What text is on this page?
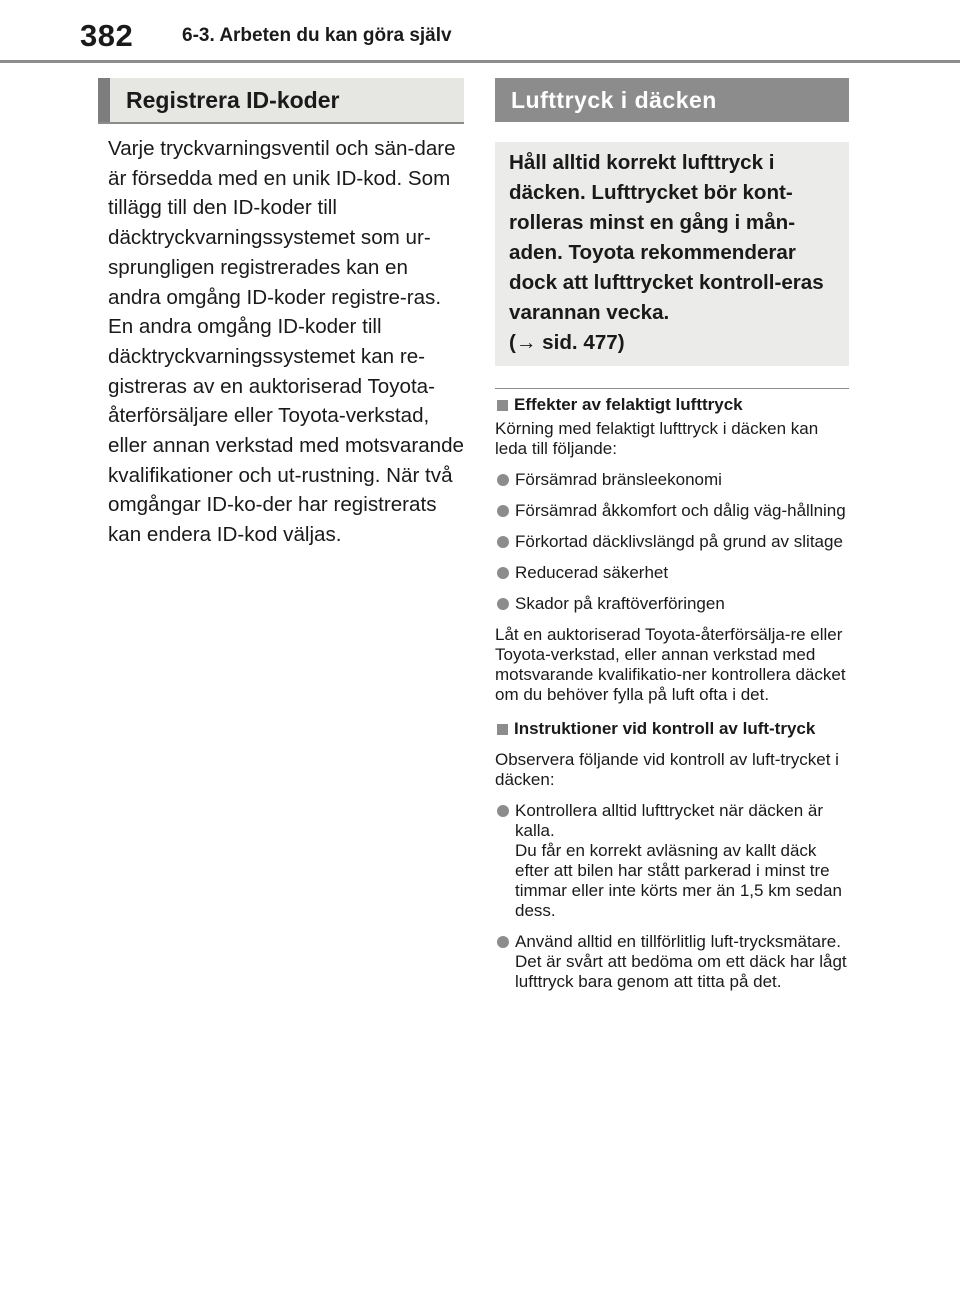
382	6-3. Arbeten du kan göra själv
Registrera ID-koder
Varje tryckvarningsventil och sän-dare är försedda med en unik ID-kod. Som tillägg till den ID-koder till däcktryckvarningssystemet som ur-sprungligen registrerades kan en andra omgång ID-koder registre-ras. En andra omgång ID-koder till däcktryckvarningssystemet kan re-gistreras av en auktoriserad Toyota-återförsäljare eller Toyota-verkstad, eller annan verkstad med motsvarande kvalifikationer och ut-rustning. När två omgångar ID-ko-der har registrerats kan endera ID-kod väljas.
Lufttryck i däcken
Håll alltid korrekt lufttryck i däcken. Lufttrycket bör kont-rolleras minst en gång i mån-aden. Toyota rekommenderar dock att lufttrycket kontroll-eras varannan vecka.
(→ sid. 477)
Effekter av felaktigt lufttryck
Körning med felaktigt lufttryck i däcken kan leda till följande:
Försämrad bränsleekonomi
Försämrad åkkomfort och dålig väg-hållning
Förkortad däcklivslängd på grund av slitage
Reducerad säkerhet
Skador på kraftöverföringen
Låt en auktoriserad Toyota-återförsälja-re eller Toyota-verkstad, eller annan verkstad med motsvarande kvalifikatio-ner kontrollera däcket om du behöver fylla på luft ofta i det.
Instruktioner vid kontroll av luft-tryck
Observera följande vid kontroll av luft-trycket i däcken:
Kontrollera alltid lufttrycket när däcken är kalla.
Du får en korrekt avläsning av kallt däck efter att bilen har stått parkerad i minst tre timmar eller inte körts mer än 1,5 km sedan dess.
Använd alltid en tillförlitlig luft-trycksmätare.
Det är svårt att bedöma om ett däck har lågt lufttryck bara genom att titta på det.
